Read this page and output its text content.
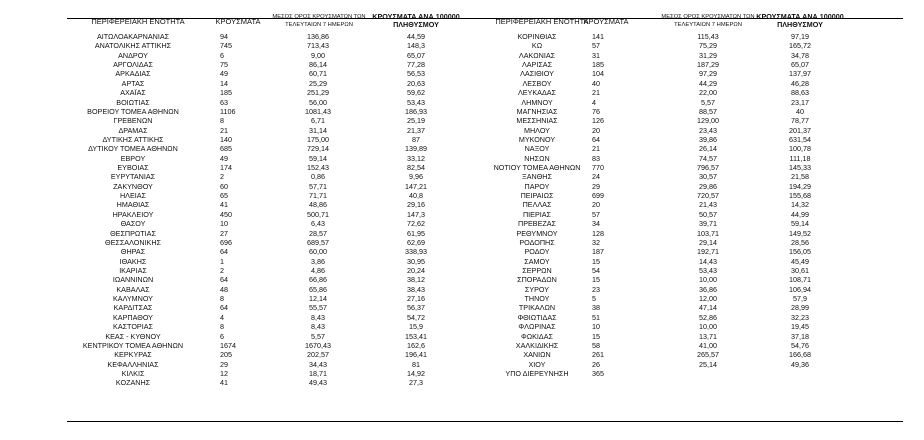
ΠΕΡΙΦΕΡΕΙΑΚΗ ΕΝΟΤΗΤΑ	ΚΡΟΥΣΜΑΤΑ	ΜΕΣΟΣ ΟΡΟΣ ΚΡΟΥΣΜΑΤΩΝ ΤΩΝ ΤΕΛΕΥΤΑΙΩΝ 7 ΗΜΕΡΩΝ
ΚΡΟΥΣΜΑΤΑ ΑΝΑ 100000 ΠΛΗΘΥΣΜΟΥ
ΑΙΤΩΛΟΑΚΑΡΝΑΝΙΑΣ	94	136,86	44,59
ΑΝΑΤΟΛΙΚΗΣ ΑΤΤΙΚΗΣ	745	713,43	148,3
ΑΝΔΡΟΥ	6	9,00	65,07
ΑΡΓΟΛΙΔΑΣ	75	86,14	77,28
ΑΡΚΑΔΙΑΣ	49	60,71	56,53
ΑΡΤΑΣ	14	25,29	20,63
ΑΧΑΪΑΣ	185	251,29	59,62
ΒΟΙΩΤΙΑΣ	63	56,00	53,43
ΒΟΡΕΙΟΥ ΤΟΜΕΑ ΑΘΗΝΩΝ	1106	1081,43	186,93
ΓΡΕΒΕΝΩΝ	8	6,71	25,19
ΔΡΑΜΑΣ	21	31,14	21,37
ΔΥΤΙΚΗΣ ΑΤΤΙΚΗΣ	140	175,00	87
ΔΥΤΙΚΟΥ ΤΟΜΕΑ ΑΘΗΝΩΝ	685	729,14	139,89
ΕΒΡΟΥ	49	59,14	33,12
ΕΥΒΟΙΑΣ	174	152,43	82,54
ΕΥΡΥΤΑΝΙΑΣ	2	0,86	9,96
ΖΑΚΥΝΘΟΥ	60	57,71	147,21
ΗΛΕΙΑΣ	65	71,71	40,8
ΗΜΑΘΙΑΣ	41	48,86	29,16
ΗΡΑΚΛΕΙΟΥ	450	500,71	147,3
ΘΑΣΟΥ	10	6,43	72,62
ΘΕΣΠΡΩΤΙΑΣ	27	28,57	61,95
ΘΕΣΣΑΛΟΝΙΚΗΣ	696	689,57	62,69
ΘΗΡΑΣ	64	60,00	338,93
ΙΘΑΚΗΣ	1	3,86	30,95
ΙΚΑΡΙΑΣ	2	4,86	20,24
ΙΩΑΝΝΙΝΩΝ	64	66,86	38,12
ΚΑΒΑΛΑΣ	48	65,86	38,43
ΚΑΛΥΜΝΟΥ	8	12,14	27,16
ΚΑΡΔΙΤΣΑΣ	64	55,57	56,37
ΚΑΡΠΑΘΟΥ	4	8,43	54,72
ΚΑΣΤΟΡΙΑΣ	8	8,43	15,9
ΚΕΑΣ - ΚΥΘΝΟΥ	6	5,57	153,41
ΚΕΝΤΡΙΚΟΥ ΤΟΜΕΑ ΑΘΗΝΩΝ	1674	1670,43	162,6
ΚΕΡΚΥΡΑΣ	205	202,57	196,41
ΚΕΦΑΛΛΗΝΙΑΣ	29	34,43	81
ΚΙΛΚΙΣ	12	18,71	14,92
ΚΟΖΑΝΗΣ	41	49,43	27,3
ΠΕΡΙΦΕΡΕΙΑΚΗ ΕΝΟΤΗΤΑ
ΚΡΟΥΣΜΑΤΑ	ΜΕΣΟΣ ΟΡΟΣ ΚΡΟΥΣΜΑΤΩΝ ΤΩΝ ΤΕΛΕΥΤΑΙΩΝ 7 ΗΜΕΡΩΝ
ΚΡΟΥΣΜΑΤΑ ΑΝΑ 100000 ΠΛΗΘΥΣΜΟΥ
ΚΟΡΙΝΘΙΑΣ	141	115,43	97,19
ΚΩ	57	75,29	165,72
ΛΑΚΩΝΙΑΣ	31	31,29	34,78
ΛΑΡΙΣΑΣ	185	187,29	65,07
ΛΑΣΙΘΙΟΥ	104	97,29	137,97
ΛΕΣΒΟΥ	40	44,29	46,28
ΛΕΥΚΑΔΑΣ	21	22,00	88,63
ΛΗΜΝΟΥ	4	5,57	23,17
ΜΑΓΝΗΣΙΑΣ	76	88,57	40
ΜΕΣΣΗΝΙΑΣ	126	129,00	78,77
ΜΗΛΟΥ	20	23,43	201,37
ΜΥΚΟΝΟΥ	64	39,86	631,54
ΝΑΞΟΥ	21	26,14	100,78
ΝΗΣΩΝ	83	74,57	111,18
ΝΟΤΙΟΥ ΤΟΜΕΑ ΑΘΗΝΩΝ	770	796,57	145,33
ΞΑΝΘΗΣ	24	30,57	21,58
ΠΑΡΟΥ	29	29,86	194,29
ΠΕΙΡΑΙΩΣ	699	720,57	155,68
ΠΕΛΛΑΣ	20	21,43	14,32
ΠΙΕΡΙΑΣ	57	50,57	44,99
ΠΡΕΒΕΖΑΣ	34	39,71	59,14
ΡΕΘΥΜΝΟΥ	128	103,71	149,52
ΡΟΔΟΠΗΣ	32	29,14	28,56
ΡΟΔΟΥ	187	192,71	156,05
ΣΑΜΟΥ	15	14,43	45,49
ΣΕΡΡΩΝ	54	53,43	30,61
ΣΠΟΡΑΔΩΝ	15	10,00	108,71
ΣΥΡΟΥ	23	36,86	106,94
ΤΗΝΟΥ	5	12,00	57,9
ΤΡΙΚΑΛΩΝ	38	47,14	28,99
ΦΘΙΩΤΙΔΑΣ	51	52,86	32,23
ΦΛΩΡΙΝΑΣ	10	10,00	19,45
ΦΩΚΙΔΑΣ	15	13,71	37,18
ΧΑΛΚΙΔΙΚΗΣ	58	41,00	54,76
ΧΑΝΙΩΝ	261	265,57	166,68
ΧΙΟΥ	26	25,14	49,36
ΥΠΟ ΔΙΕΡΕΥΝΗΣΗ	365
